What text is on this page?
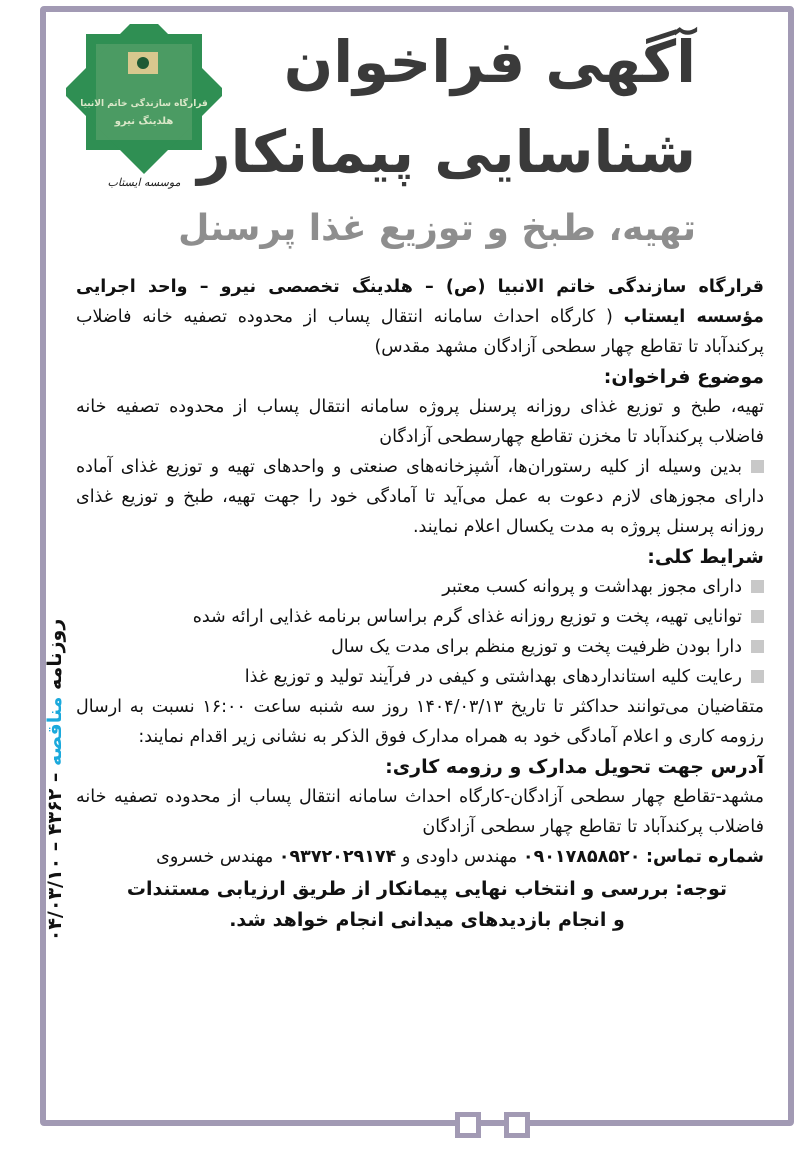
روزنامه مناقصه – ۴۳۶۲ – ۰۴/۰۳/۱۰
قرارگاه سازندگی خاتم الانبیا
هلدینگ نیرو
موسسه ایستاب
آگهی فراخوان
شناسایی پیمانکار
تهیه، طبخ و توزیع غذا پرسنل

قرارگاه سازندگی خاتم الانبیا (ص) – هلدینگ تخصصی نیرو – واحد اجرایی مؤسسه ایستاب ( کارگاه احداث سامانه انتقال پساب از محدوده تصفیه خانه فاضلاب پرکندآباد تا تقاطع چهار سطحی آزادگان مشهد مقدس)

موضوع فراخوان:

تهیه، طبخ و توزیع غذای روزانه پرسنل پروژه سامانه انتقال پساب از محدوده تصفیه خانه فاضلاب پرکندآباد تا مخزن تقاطع چهارسطحی آزادگان

بدین وسیله از کلیه رستوران‌ها، آشپزخانه‌های صنعتی و واحدهای تهیه و توزیع غذای آماده دارای مجوزهای لازم دعوت به عمل می‌آید تا آمادگی خود را جهت تهیه، طبخ و توزیع غذای روزانه پرسنل پروژه به مدت یکسال اعلام نمایند.

شرایط کلی:

دارای مجوز بهداشت و پروانه کسب معتبر

توانایی تهیه، پخت و توزیع روزانه غذای گرم براساس برنامه غذایی ارائه شده

دارا بودن ظرفیت پخت و توزیع منظم برای مدت یک سال

رعایت کلیه استانداردهای بهداشتی و کیفی در فرآیند تولید و توزیع غذا

متقاضیان می‌توانند حداکثر تا تاریخ ۱۴۰۴/۰۳/۱۳ روز سه شنبه ساعت ۱۶:۰۰ نسبت به ارسال رزومه کاری و اعلام آمادگی خود به همراه مدارک فوق الذکر به نشانی زیر اقدام نمایند:

آدرس جهت تحویل مدارک و رزومه کاری:

مشهد-تقاطع چهار سطحی آزادگان-کارگاه احداث سامانه انتقال پساب از محدوده تصفیه خانه فاضلاب پرکندآباد تا تقاطع چهار سطحی آزادگان

شماره تماس: ۰۹۰۱۷۸۵۸۵۲۰ مهندس داودی و ۰۹۳۷۲۰۲۹۱۷۴ مهندس خسروی

توجه: بررسی و انتخاب نهایی پیمانکار از طریق ارزیابی مستندات
و انجام بازدیدهای میدانی انجام خواهد شد.
